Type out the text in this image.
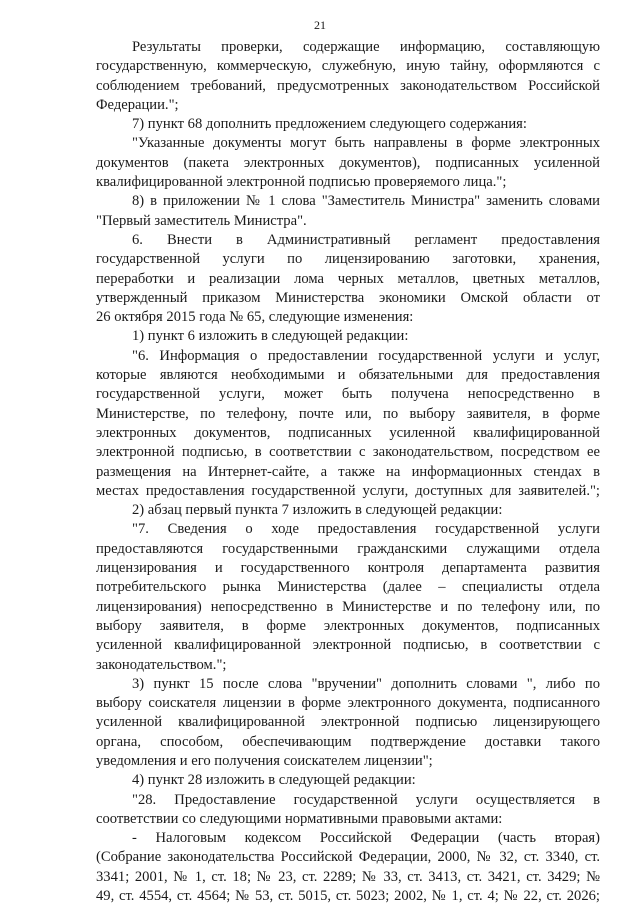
21
Результаты проверки, содержащие информацию, составляющую
государственную, коммерческую, служебную, иную тайну, оформляются с
соблюдением требований, предусмотренных законодательством Российской
Федерации.";
7) пункт 68 дополнить предложением следующего содержания:
"Указанные документы могут быть направлены в форме электронных
документов (пакета электронных документов), подписанных усиленной
квалифицированной электронной подписью проверяемого лица.";
8) в приложении № 1 слова "Заместитель Министра" заменить словами
"Первый заместитель Министра".
6. Внести в Административный регламент предоставления
государственной услуги по лицензированию заготовки, хранения,
переработки и реализации лома черных металлов, цветных металлов,
утвержденный приказом Министерства экономики Омской области от
26 октября 2015 года № 65, следующие изменения:
1) пункт 6 изложить в следующей редакции:
"6. Информация о предоставлении государственной услуги и услуг,
которые являются необходимыми и обязательными для предоставления
государственной услуги, может быть получена непосредственно в
Министерстве, по телефону, почте или, по выбору заявителя, в форме
электронных документов, подписанных усиленной квалифицированной
электронной подписью, в соответствии с законодательством, посредством ее
размещения на Интернет-сайте, а также на информационных стендах в
местах предоставления государственной услуги, доступных для заявителей.";
2) абзац первый пункта 7 изложить в следующей редакции:
"7. Сведения о ходе предоставления государственной услуги
предоставляются государственными гражданскими служащими отдела
лицензирования и государственного контроля департамента развития
потребительского рынка Министерства (далее – специалисты отдела
лицензирования) непосредственно в Министерстве и по телефону или, по
выбору заявителя, в форме электронных документов, подписанных
усиленной квалифицированной электронной подписью, в соответствии с
законодательством.";
3) пункт 15 после слова "вручении" дополнить словами ", либо по
выбору соискателя лицензии в форме электронного документа, подписанного
усиленной квалифицированной электронной подписью лицензирующего
органа, способом, обеспечивающим подтверждение доставки такого
уведомления и его получения соискателем лицензии";
4) пункт 28 изложить в следующей редакции:
"28. Предоставление государственной услуги осуществляется в
соответствии со следующими нормативными правовыми актами:
- Налоговым кодексом Российской Федерации (часть вторая)
(Собрание законодательства Российской Федерации, 2000, № 32, ст. 3340, ст.
3341; 2001, № 1, ст. 18; № 23, ст. 2289; № 33, ст. 3413, ст. 3421, ст. 3429; №
49, ст. 4554, ст. 4564; № 53, ст. 5015, ст. 5023; 2002, № 1, ст. 4; № 22, ст. 2026;
